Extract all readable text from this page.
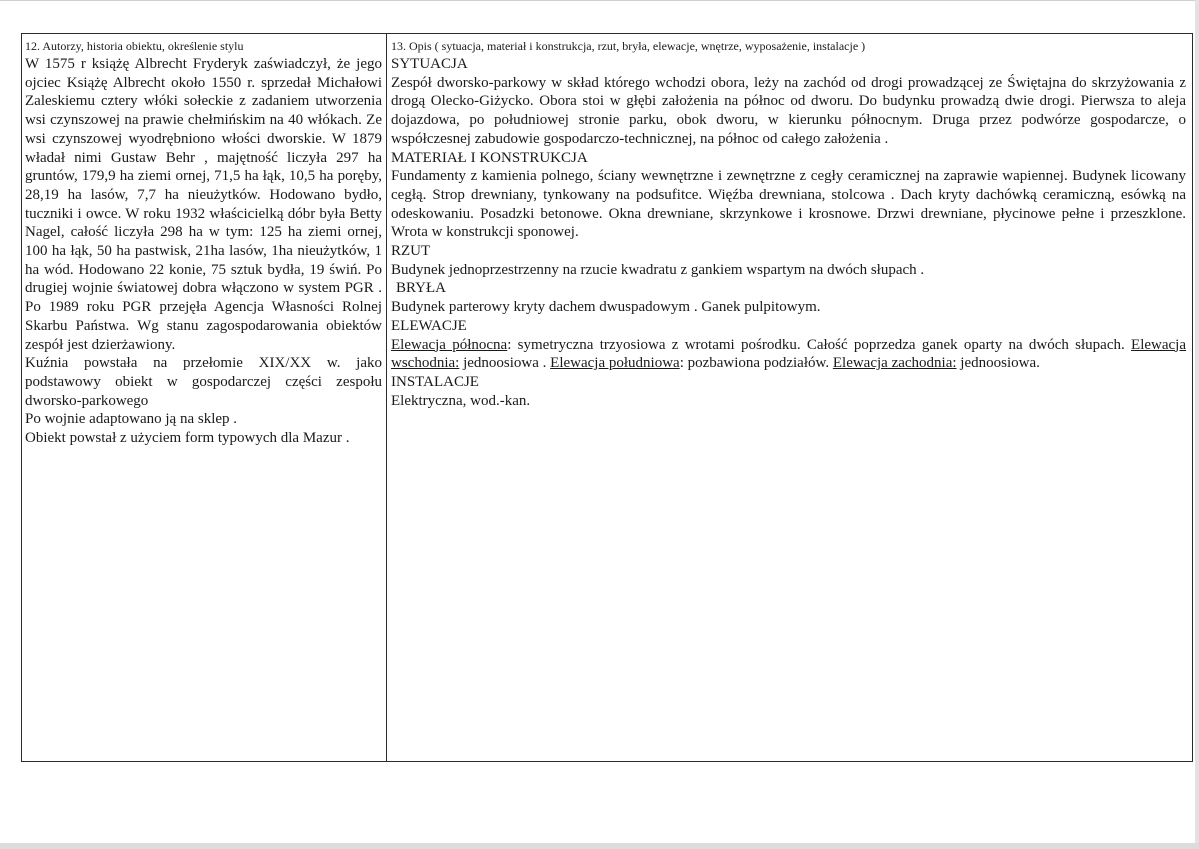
12. Autorzy, historia obiektu, określenie stylu

W 1575 r książę Albrecht Fryderyk zaświadczył, że jego ojciec Książę Albrecht około 1550 r. sprzedał Michałowi Zaleskiemu cztery włóki sołeckie z zadaniem utworzenia wsi czynszowej na prawie chełmińskim na 40 włókach. Ze wsi czynszowej wyodrębniono włości dworskie. W 1879 władał nimi Gustaw Behr , majętność liczyła 297 ha gruntów, 179,9 ha ziemi ornej, 71,5 ha łąk, 10,5 ha poręby, 28,19 ha lasów, 7,7 ha nieużytków. Hodowano bydło, tuczniki i owce. W roku 1932 właścicielką dóbr była Betty Nagel, całość liczyła 298 ha w tym: 125 ha ziemi ornej, 100 ha łąk, 50 ha pastwisk, 21ha lasów, 1ha nieużytków, 1 ha wód. Hodowano 22 konie, 75 sztuk bydła, 19 świń. Po drugiej wojnie światowej dobra włączono w system PGR . Po 1989 roku PGR przejęła Agencja Własności Rolnej Skarbu Państwa. Wg stanu zagospodarowania obiektów zespół jest dzierżawiony.

Kuźnia powstała na przełomie XIX/XX w. jako podstawowy obiekt w gospodarczej części zespołu dworsko-parkowego

Po wojnie adaptowano ją na sklep .

Obiekt powstał z użyciem form typowych dla Mazur .

13. Opis ( sytuacja, materiał i konstrukcja, rzut, bryła, elewacje, wnętrze, wyposażenie, instalacje )

SYTUACJA

Zespół dworsko-parkowy w skład którego wchodzi obora, leży na zachód od drogi prowadzącej ze Świętajna do skrzyżowania z drogą Olecko-Giżycko. Obora stoi w głębi założenia na północ od dworu. Do budynku prowadzą dwie drogi. Pierwsza to aleja dojazdowa, po południowej stronie parku, obok dworu, w kierunku północnym. Druga przez podwórze gospodarcze, o współczesnej zabudowie gospodarczo-technicznej, na północ od całego założenia .

MATERIAŁ I KONSTRUKCJA

Fundamenty z kamienia polnego, ściany wewnętrzne i zewnętrzne z cegły ceramicznej na zaprawie wapiennej. Budynek licowany cegłą. Strop drewniany, tynkowany na podsufitce. Więźba drewniana, stolcowa . Dach kryty dachówką ceramiczną, esówką na odeskowaniu. Posadzki betonowe. Okna drewniane, skrzynkowe i krosnowe. Drzwi drewniane, płycinowe pełne i przeszklone. Wrota w konstrukcji sponowej.

RZUT

Budynek jednoprzestrzenny na rzucie kwadratu z gankiem wspartym na dwóch słupach .

BRYŁA

Budynek parterowy kryty dachem dwuspadowym . Ganek pulpitowym.

ELEWACJE

Elewacja północna: symetryczna trzyosiowa z wrotami pośrodku. Całość poprzedza ganek oparty na dwóch słupach. Elewacja wschodnia: jednoosiowa . Elewacja południowa: pozbawiona podziałów. Elewacja zachodnia: jednoosiowa.

INSTALACJE

Elektryczna, wod.-kan.
